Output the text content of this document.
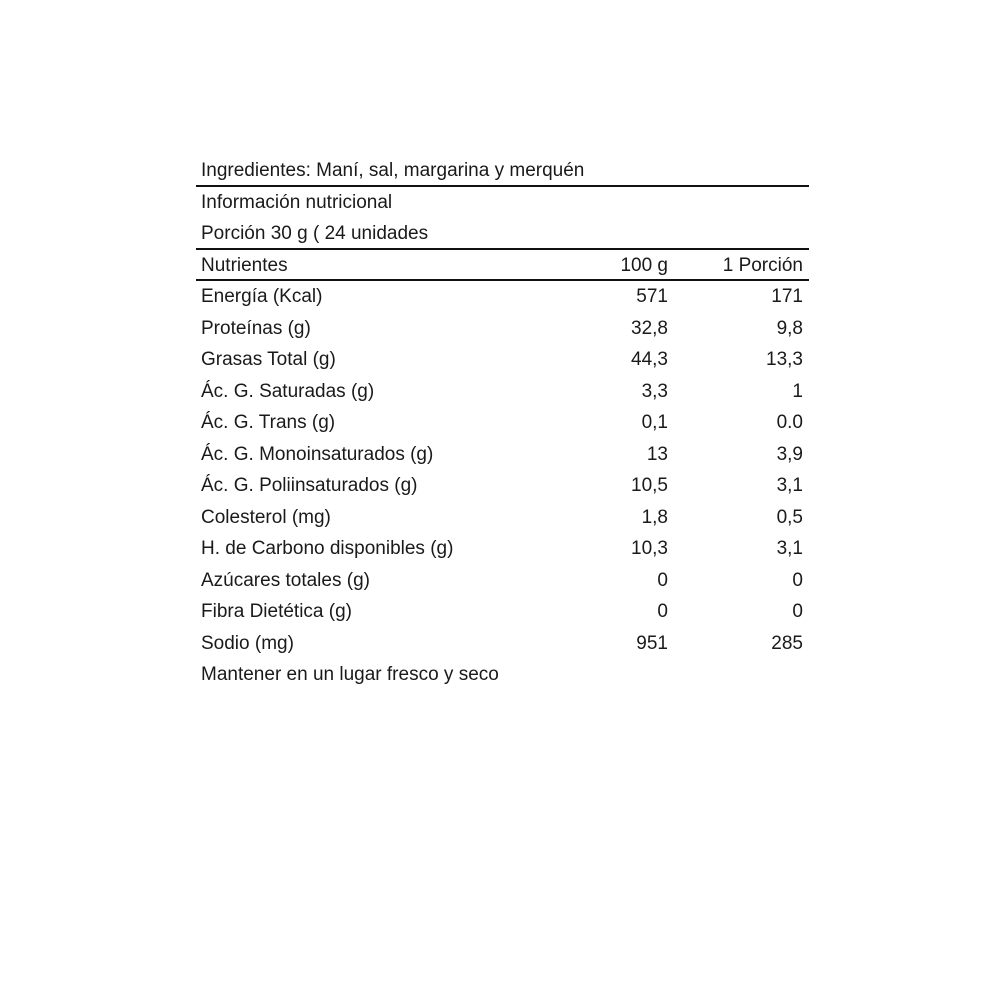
Ingredientes: Maní, sal, margarina y merquén
Información nutricional
Porción 30 g ( 24 unidades
Nutrientes	100 g	1 Porción
Energía (Kcal)	571	171
Proteínas (g)	32,8	9,8
Grasas Total (g)	44,3	13,3
Ác. G. Saturadas (g)	3,3	1
Ác. G. Trans (g)	0,1	0.0
Ác. G. Monoinsaturados (g)	13	3,9
Ác. G. Poliinsaturados (g)	10,5	3,1
Colesterol (mg)	1,8	0,5
H. de Carbono disponibles (g)	10,3	3,1
Azúcares totales (g)	0	0
Fibra Dietética (g)	0	0
Sodio (mg)	951	285
Mantener en un lugar fresco y seco
